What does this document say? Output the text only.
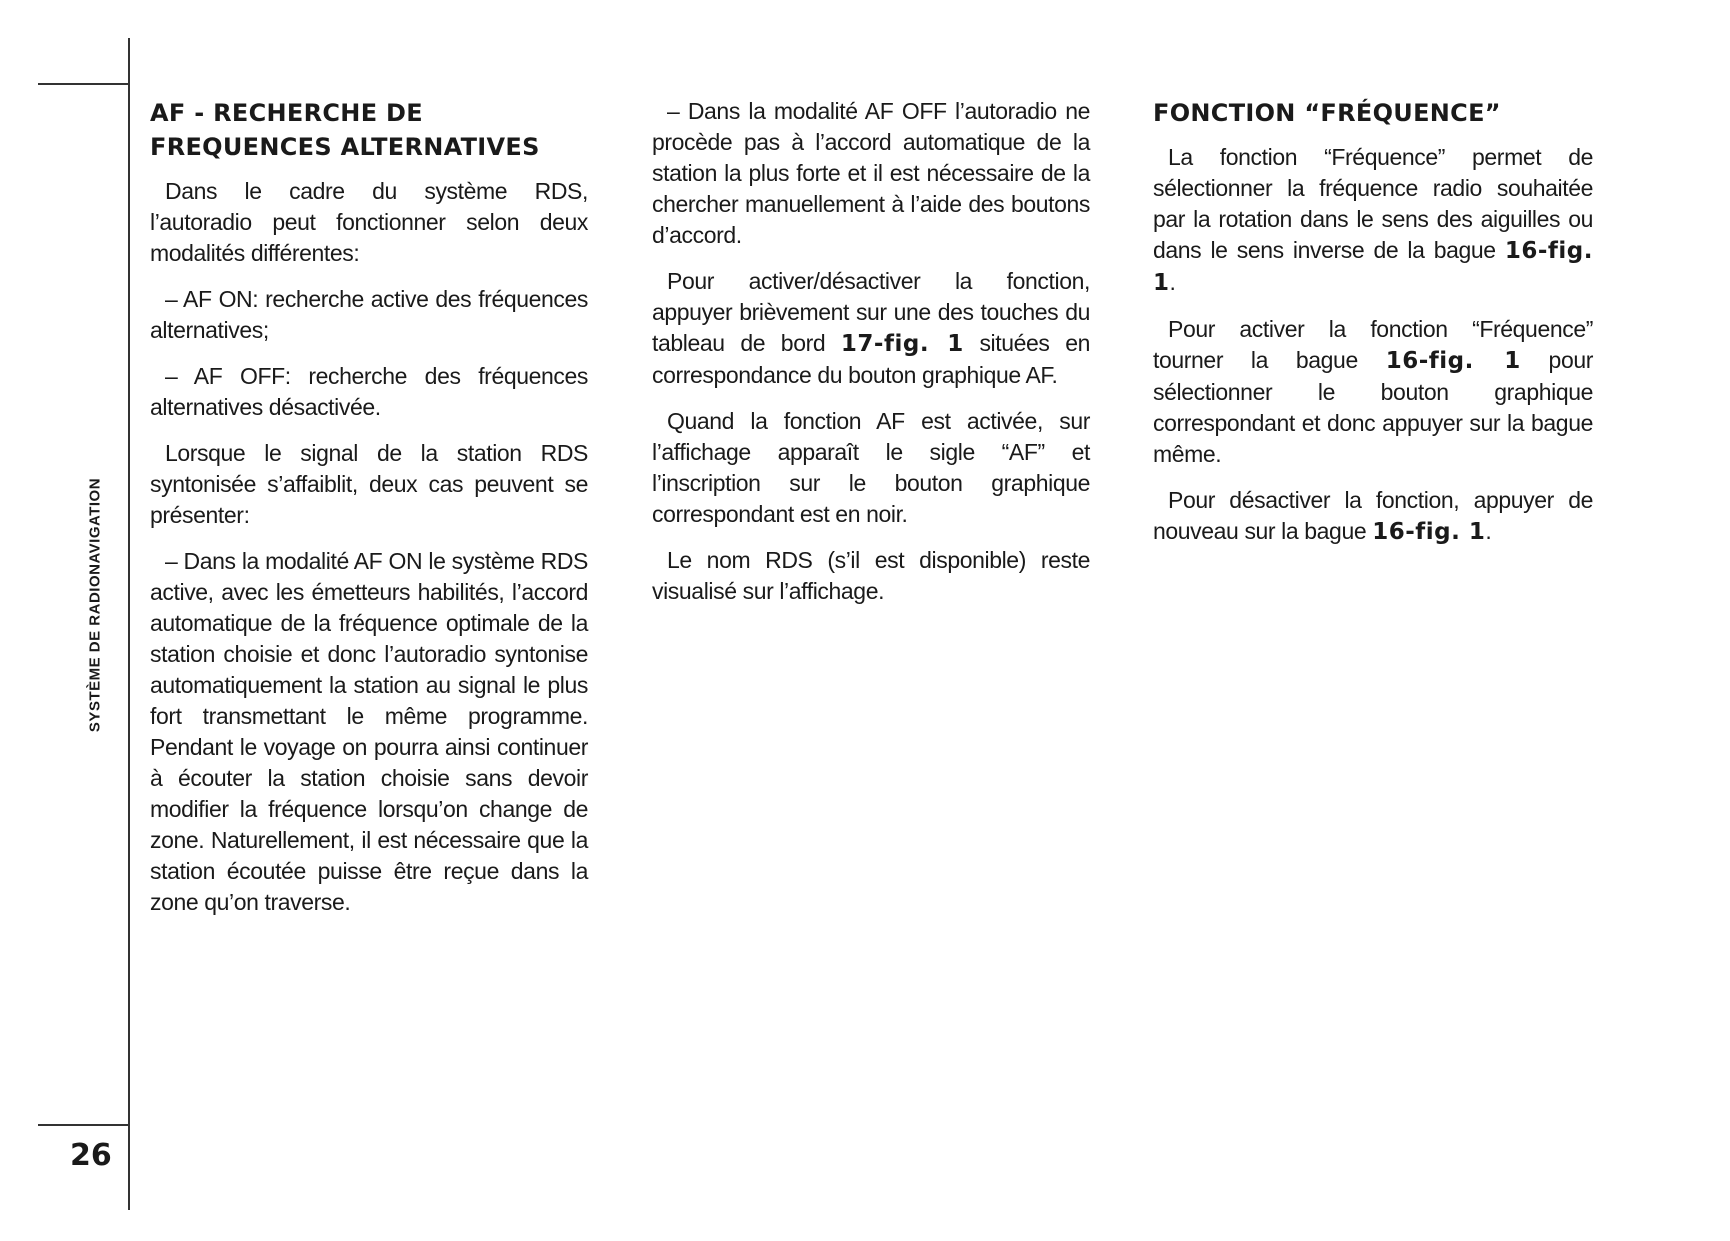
SYSTÈME DE RADIONAVIGATION
26
AF - RECHERCHE DE
FREQUENCES ALTERNATIVES

Dans le cadre du système RDS, l’autoradio peut fonctionner selon deux modalités différentes:

– AF ON: recherche active des fréquences alternatives;

– AF OFF: recherche des fréquences alternatives désactivée.

Lorsque le signal de la station RDS syntonisée s’affaiblit, deux cas peuvent se présenter:

– Dans la modalité AF ON le système RDS active, avec les émetteurs habilités, l’accord automatique de la fréquence optimale de la station choisie et donc l’autoradio syntonise automatiquement la station au signal le plus fort transmettant le même programme. Pendant le voyage on pourra ainsi continuer à écouter la station choisie sans devoir modifier la fréquence lorsqu’on change de zone. Naturellement, il est nécessaire que la station écoutée puisse être reçue dans la zone qu’on traverse.

– Dans la modalité AF OFF l’autoradio ne procède pas à l’accord automatique de la station la plus forte et il est nécessaire de la chercher manuellement à l’aide des boutons d’accord.

Pour activer/désactiver la fonction, appuyer brièvement sur une des touches du tableau de bord 17-fig. 1 situées en correspondance du bouton graphique AF.

Quand la fonction AF est activée, sur l’affichage apparaît le sigle “AF” et l’inscription sur le bouton graphique correspondant est en noir.

Le nom RDS (s’il est disponible) reste visualisé sur l’affichage.

FONCTION “FRÉQUENCE”

La fonction “Fréquence” permet de sélectionner la fréquence radio souhaitée par la rotation dans le sens des aiguilles ou dans le sens inverse de la bague 16-fig. 1.

Pour activer la fonction “Fréquence” tourner la bague 16-fig. 1 pour sélectionner le bouton graphique correspondant et donc appuyer sur la bague même.

Pour désactiver la fonction, appuyer de nouveau sur la bague 16-fig. 1.
